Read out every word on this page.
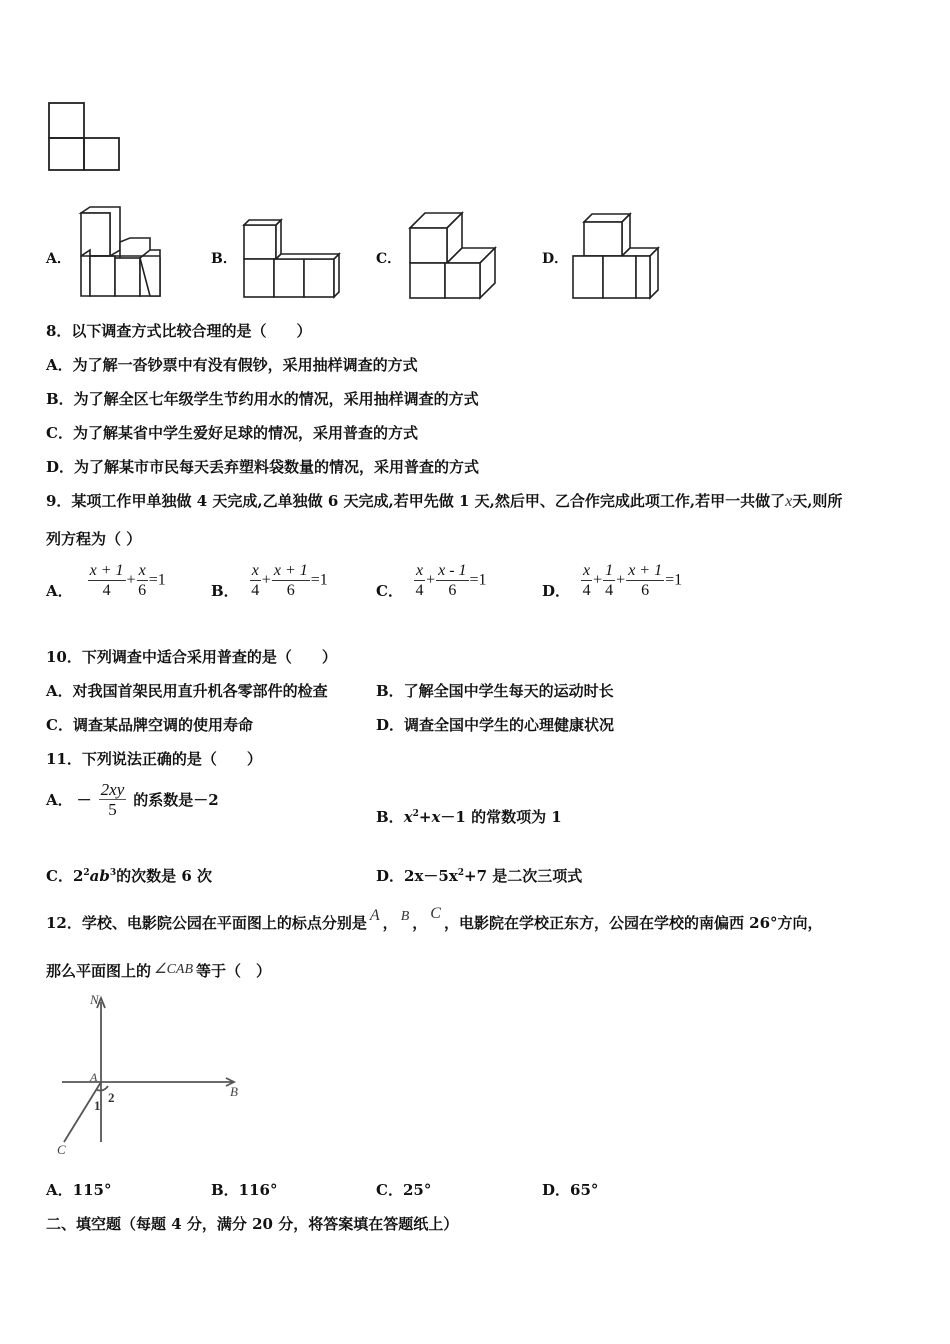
A．	B．	C．	D．
8．以下调查方式比较合理的是（　　）
A．为了解一沓钞票中有没有假钞，采用抽样调查的方式
B．为了解全区七年级学生节约用水的情况，采用抽样调查的方式
C．为了解某省中学生爱好足球的情况，采用普查的方式
D．为了解某市市民每天丢弃塑料袋数量的情况，采用普查的方式
9．某项工作甲单独做 4 天完成,乙单独做 6 天完成,若甲先做 1 天,然后甲、乙合作完成此项工作,若甲一共做了x天,则所
列方程为（ ）
A． $\frac{x + 1}{4} + \frac{x}{6} =1$
B． $\frac{x}{4} + \frac{x + 1}{6} =1$
C． $\frac{x}{4} + \frac{x - 1}{6} =1$
D． $\frac{x}{4} + \frac{1}{4} + \frac{x + 1}{6} =1$
10．下列调查中适合采用普查的是（　　）
A．对我国首架民用直升机各零部件的检查	B．了解全国中学生每天的运动时长
C．调查某品牌空调的使用寿命	D．调查全国中学生的心理健康状况
11．下列说法正确的是（　　）
A． － $\frac{2xy}{5}$ 的系数是－2
B．$x^2+x-1$ 的常数项为 1
C．$2^2ab^3$的次数是 6 次	D．$2x-5x^2+7$ 是二次三项式
12．学校、电影院公园在平面图上的标点分别是 A ， B ，C，电影院在学校正东方，公园在学校的南偏西 26°方向，
那么平面图上的 ∠CAB 等于（　）
N
A
B
C
1
2
A．115°	B．116°	C．25°	D．65°
二、填空题（每题 4 分，满分 20 分，将答案填在答题纸上）
